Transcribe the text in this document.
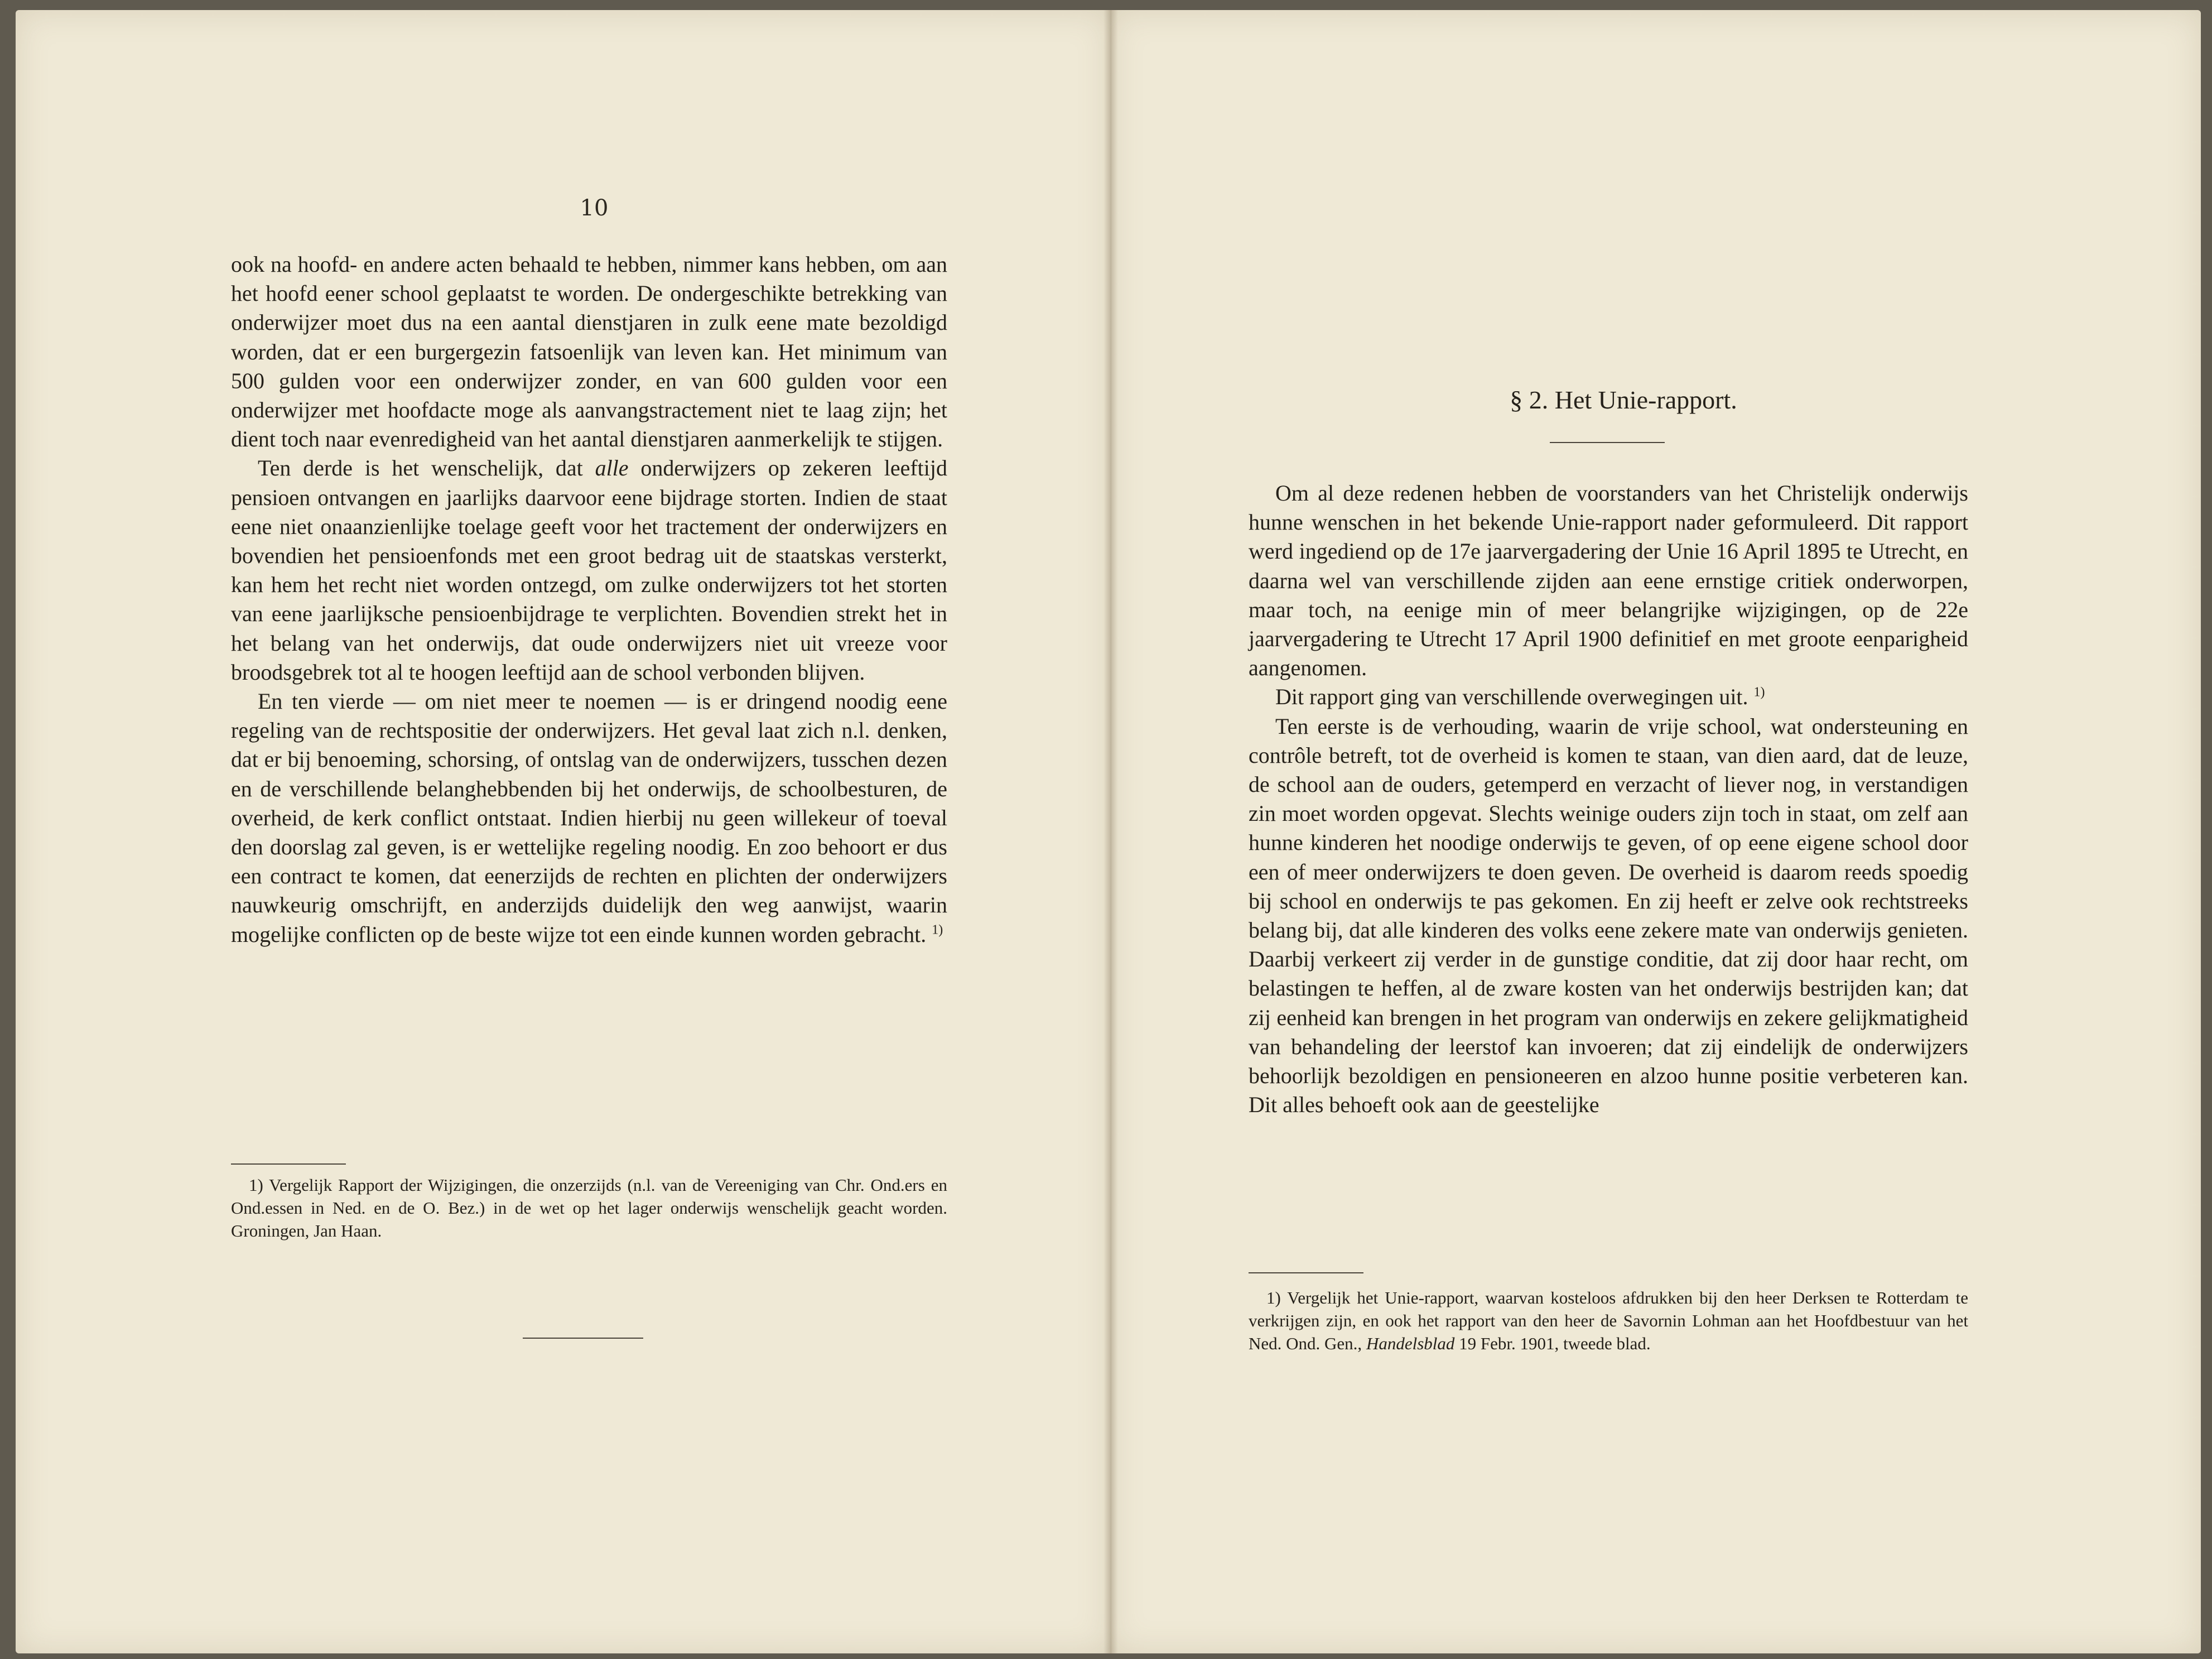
10

ook na hoofd- en andere acten behaald te hebben, nimmer kans hebben, om aan het hoofd eener school geplaatst te worden. De ondergeschikte betrekking van onderwijzer moet dus na een aantal dienstjaren in zulk eene mate bezoldigd worden, dat er een burgergezin fatsoenlijk van leven kan. Het minimum van 500 gulden voor een onderwijzer zonder, en van 600 gulden voor een onderwijzer met hoofdacte moge als aanvangstractement niet te laag zijn; het dient toch naar evenredigheid van het aantal dienstjaren aanmerkelijk te stijgen.

Ten derde is het wenschelijk, dat alle onderwijzers op zekeren leeftijd pensioen ontvangen en jaarlijks daarvoor eene bijdrage storten. Indien de staat eene niet onaanzienlijke toelage geeft voor het tractement der onderwijzers en bovendien het pensioenfonds met een groot bedrag uit de staatskas versterkt, kan hem het recht niet worden ontzegd, om zulke onderwijzers tot het storten van eene jaarlijksche pensioenbijdrage te verplichten. Bovendien strekt het in het belang van het onderwijs, dat oude onderwijzers niet uit vreeze voor broodsgebrek tot al te hoogen leeftijd aan de school verbonden blijven.

En ten vierde — om niet meer te noemen — is er dringend noodig eene regeling van de rechtspositie der onderwijzers. Het geval laat zich n.l. denken, dat er bij benoeming, schorsing, of ontslag van de onderwijzers, tusschen dezen en de verschillende belanghebbenden bij het onderwijs, de schoolbesturen, de overheid, de kerk conflict ontstaat. Indien hierbij nu geen willekeur of toeval den doorslag zal geven, is er wettelijke regeling noodig. En zoo behoort er dus een contract te komen, dat eenerzijds de rechten en plichten der onderwijzers nauwkeurig omschrijft, en anderzijds duidelijk den weg aanwijst, waarin mogelijke conflicten op de beste wijze tot een einde kunnen worden gebracht. $^{1)}$

1) Vergelijk Rapport der Wijzigingen, die onzerzijds (n.l. van de Vereeniging van Chr. Ond.ers en Ond.essen in Ned. en de O. Bez.) in de wet op het lager onderwijs wenschelijk geacht worden. Groningen, Jan Haan.

§ 2. Het Unie-rapport.

Om al deze redenen hebben de voorstanders van het Christelijk onderwijs hunne wenschen in het bekende Unie-rapport nader geformuleerd. Dit rapport werd ingediend op de 17e jaarvergadering der Unie 16 April 1895 te Utrecht, en daarna wel van verschillende zijden aan eene ernstige critiek onderworpen, maar toch, na eenige min of meer belangrijke wijzigingen, op de 22e jaarvergadering te Utrecht 17 April 1900 definitief en met groote eenparigheid aangenomen.

Dit rapport ging van verschillende overwegingen uit. $^{1)}$

Ten eerste is de verhouding, waarin de vrije school, wat ondersteuning en contrôle betreft, tot de overheid is komen te staan, van dien aard, dat de leuze, de school aan de ouders, getemperd en verzacht of liever nog, in verstandigen zin moet worden opgevat. Slechts weinige ouders zijn toch in staat, om zelf aan hunne kinderen het noodige onderwijs te geven, of op eene eigene school door een of meer onderwijzers te doen geven. De overheid is daarom reeds spoedig bij school en onderwijs te pas gekomen. En zij heeft er zelve ook rechtstreeks belang bij, dat alle kinderen des volks eene zekere mate van onderwijs genieten. Daarbij verkeert zij verder in de gunstige conditie, dat zij door haar recht, om belastingen te heffen, al de zware kosten van het onderwijs bestrijden kan; dat zij eenheid kan brengen in het program van onderwijs en zekere gelijkmatigheid van behandeling der leerstof kan invoeren; dat zij eindelijk de onderwijzers behoorlijk bezoldigen en pensioneeren en alzoo hunne positie verbeteren kan. Dit alles behoeft ook aan de geestelijke

1) Vergelijk het Unie-rapport, waarvan kosteloos afdrukken bij den heer Derksen te Rotterdam te verkrijgen zijn, en ook het rapport van den heer de Savornin Lohman aan het Hoofdbestuur van het Ned. Ond. Gen., Handelsblad 19 Febr. 1901, tweede blad.
